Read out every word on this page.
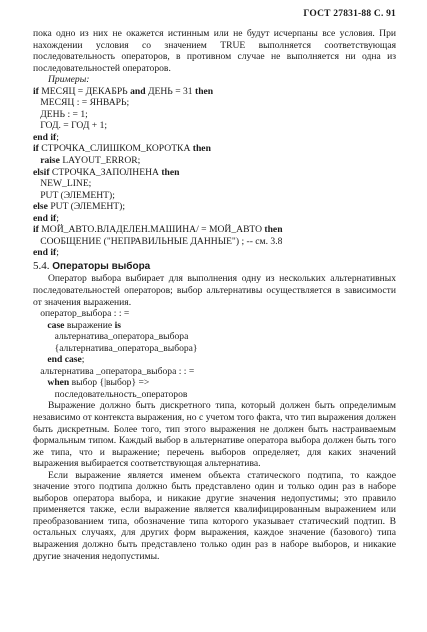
ГОСТ 27831-88 С. 91

пока одно из них не окажется истинным или не будут исчерпаны все условия. При нахождении условия со значением TRUE выполняется соответствующая последовательность операторов, в противном случае не выполняется ни одна из последовательностей операторов.

Примеры:

if МЕСЯЦ = ДЕКАБРЬ and ДЕНЬ = 31 then
МЕСЯЦ : = ЯНВАРЬ;
ДЕНЬ : = 1;
ГОД. = ГОД + 1;
end if;
if СТРОЧКА_СЛИШКОМ_КОРОТКА then
raise LAYOUT_ERROR;
elsif СТРОЧКА_ЗАПОЛНЕНА then
NEW_LINE;
PUT (ЭЛЕМЕНТ);
else PUT (ЭЛЕМЕНТ);
end if;
if МОЙ_АВТО.ВЛАДЕЛЕН.МАШИНА/ = МОЙ_АВТО then
СООБЩЕНИЕ ("НЕПРАВИЛЬНЫЕ ДАННЫЕ") ; -- см. 3.8
end if;
5.4. Операторы выбора

Оператор выбора выбирает для выполнения одну из нескольких альтернативных последовательностей операторов; выбор альтернативы осуществляется в зависимости от значения выражения.

оператор_выбора : : =
case выражение is
альтернатива_оператора_выбора
{альтернатива_оператора_выбора}
end case;
альтернатива _оператора_выбора : : =
when выбор {|выбор} =>
последовательность_операторов

Выражение должно быть дискретного типа, который должен быть определимым независимо от контекста выражения, но с учетом того факта, что тип выражения должен быть дискретным. Более того, тип этого выражения не должен быть настраиваемым формальным типом. Каждый выбор в альтернативе оператора выбора должен быть того же типа, что и выражение; перечень выборов определяет, для каких значений выражения выбирается соответствующая альтернатива.

Если выражение является именем объекта статического подтипа, то каждое значение этого подтипа должно быть представлено один и только один раз в наборе выборов оператора выбора, и никакие другие значения недопустимы; это правило применяется также, если выражение является квалифицированным выражением или преобразованием типа, обозначение типа которого указывает статический подтип. В остальных случаях, для других форм выражения, каждое значение (базового) типа выражения должно быть представлено только один раз в наборе выборов, и никакие другие значения недопустимы.
